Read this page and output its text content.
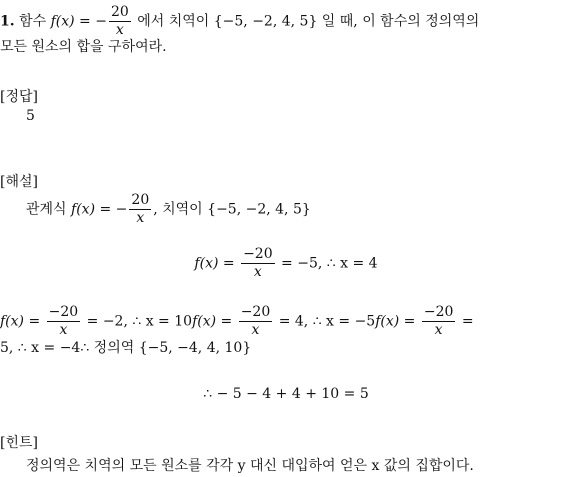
1. 함수 f(x) = − $\frac{20}{x}$ 에서 치역이 {−5, −2, 4, 5} 일 때, 이 함수의 정의역의
모든 원소의 합을 구하여라.
[정답]
5
[해설]
관계식 f(x) = − $\frac{20}{x}$ , 치역이 {−5, −2, 4, 5}
$f(x) = \frac{-20}{x} = -5$, ∴ x = 4
$f(x) = \frac{-20}{x} = -2$, ∴ $x = 10f(x) = \frac{-20}{x} = 4$, ∴ $x = -5f(x) = \frac{-20}{x}$ =
5, ∴ x = −4∴ 정의역 {−5, −4, 4, 10}
∴ − 5 − 4 + 4 + 10 = 5
[힌트]
정의역은 치역의 모든 원소를 각각 y 대신 대입하여 얻은 x 값의 집합이다.
